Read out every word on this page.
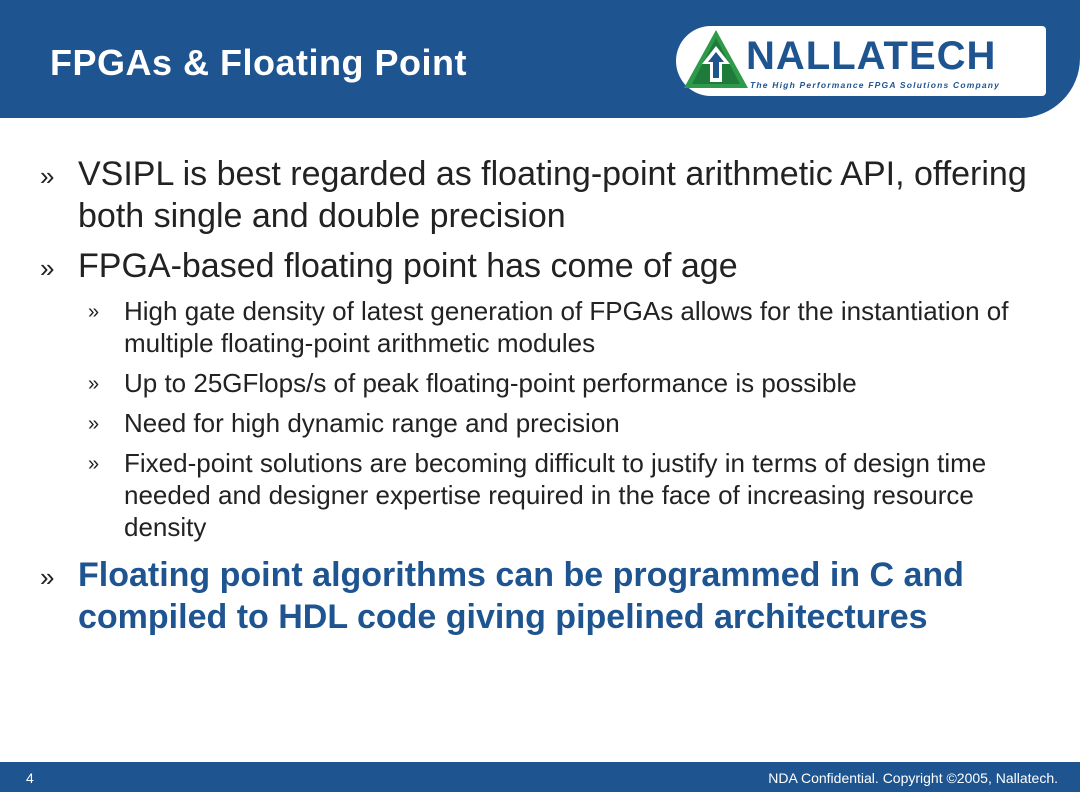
FPGAs & Floating Point	NALLATECH
The High Performance FPGA Solutions Company
» VSIPL is best regarded as floating-point arithmetic API, offering both single and double precision
» FPGA-based floating point has come of age
» High gate density of latest generation of FPGAs allows for the instantiation of multiple floating-point arithmetic modules
» Up to 25GFlops/s of peak floating-point performance is possible
» Need for high dynamic range and precision
» Fixed-point solutions are becoming difficult to justify in terms of design time needed and designer expertise required in the face of increasing resource density
» Floating point algorithms can be programmed in C and compiled to HDL code giving pipelined architectures
4	NDA Confidential. Copyright ©2005, Nallatech.
